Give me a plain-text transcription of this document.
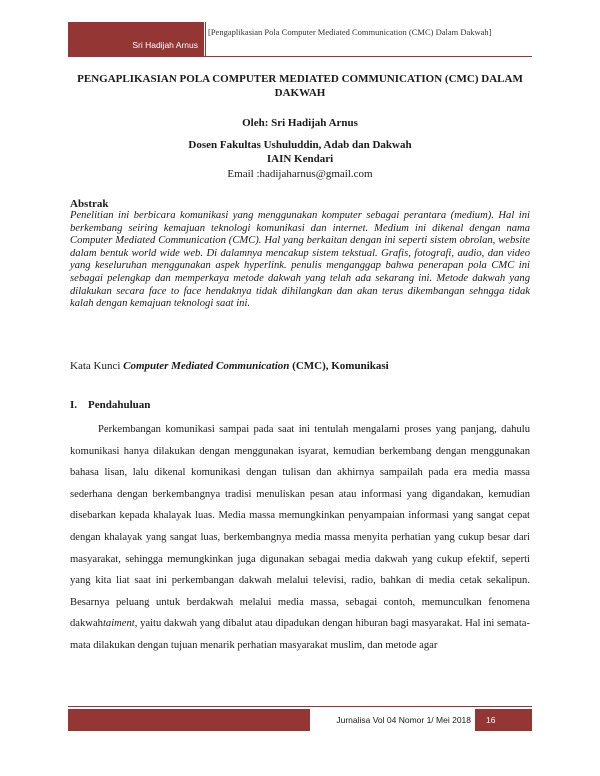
Sri Hadijah Arnus
[Pengaplikasian Pola Computer Mediated Communication (CMC) Dalam Dakwah]
PENGAPLIKASIAN POLA COMPUTER MEDIATED COMMUNICATION (CMC) DALAM DAKWAH
Oleh: Sri Hadijah Arnus
Dosen Fakultas Ushuluddin, Adab dan Dakwah
IAIN Kendari
Email :hadijaharnus@gmail.com
Abstrak
Penelitian ini berbicara komunikasi yang menggunakan komputer sebagai perantara (medium). Hal ini berkembang seiring kemajuan teknologi komunikasi dan internet. Medium ini dikenal dengan nama Computer Mediated Communication (CMC). Hal yang berkaitan dengan ini seperti sistem obrolan, website dalam bentuk world wide web. Di dalamnya mencakup sistem tekstual. Grafis, fotografi, audio, dan video yang keseluruhan menggunakan aspek hyperlink. penulis menganggap bahwa penerapan pola CMC ini sebagai pelengkap dan memperkaya metode dakwah yang telah ada sekarang ini. Metode dakwah yang dilakukan secara face to face hendaknya tidak dihilangkan dan akan terus dikembangan sehngga tidak kalah dengan kemajuan teknologi saat ini.
Kata Kunci Computer Mediated Communication (CMC), Komunikasi
I.    Pendahuluan

Perkembangan komunikasi sampai pada saat ini tentulah mengalami proses yang panjang, dahulu komunikasi hanya dilakukan dengan menggunakan isyarat, kemudian berkembang dengan menggunakan bahasa lisan, lalu dikenal komunikasi dengan tulisan dan akhirnya sampailah pada era media massa sederhana dengan berkembangnya tradisi menuliskan pesan atau informasi yang digandakan, kemudian disebarkan kepada khalayak luas. Media massa memungkinkan penyampaian informasi yang sangat cepat dengan khalayak yang sangat luas, berkembangnya media massa menyita perhatian yang cukup besar dari masyarakat, sehingga memungkinkan juga digunakan sebagai media dakwah yang cukup efektif, seperti yang kita liat saat ini perkembangan dakwah melalui televisi, radio, bahkan di media cetak sekalipun. Besarnya peluang untuk berdakwah melalui media massa, sebagai contoh, memunculkan fenomena dakwahtaiment, yaitu dakwah yang dibalut atau dipadukan dengan hiburan bagi masyarakat. Hal ini semata-mata dilakukan dengan tujuan menarik perhatian masyarakat muslim, dan metode agar

Jurnalisa Vol 04 Nomor 1/ Mei 2018	16
